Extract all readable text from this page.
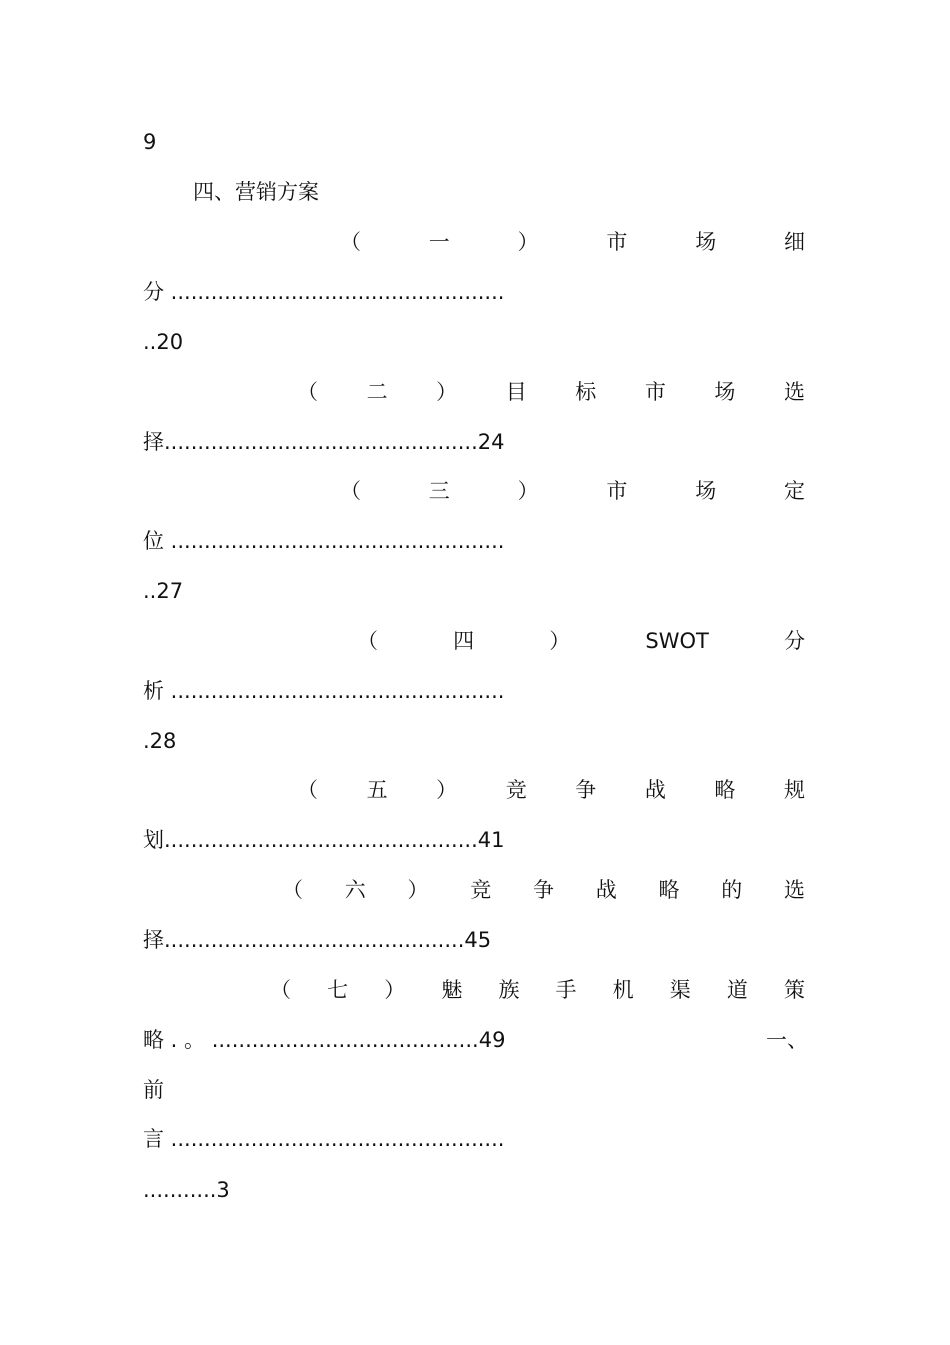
9
四、营销方案
（	一	）	市	场	细
分 ..................................................
..20
（ 二 ） 目 标 市 场 选
择...............................................24
（	三	）	市	场	定
位 ..................................................
..27
（	四	）	SWOT	分
析 ..................................................
.28
（ 五 ） 竞 争 战 略 规
划...............................................41
（ 六 ） 竞 争 战 略 的 选
择.............................................45
（ 七 ） 魅 族 手 机 渠 道 策
略 . 。 ........................................49	一、
前
言 ..................................................
...........3
